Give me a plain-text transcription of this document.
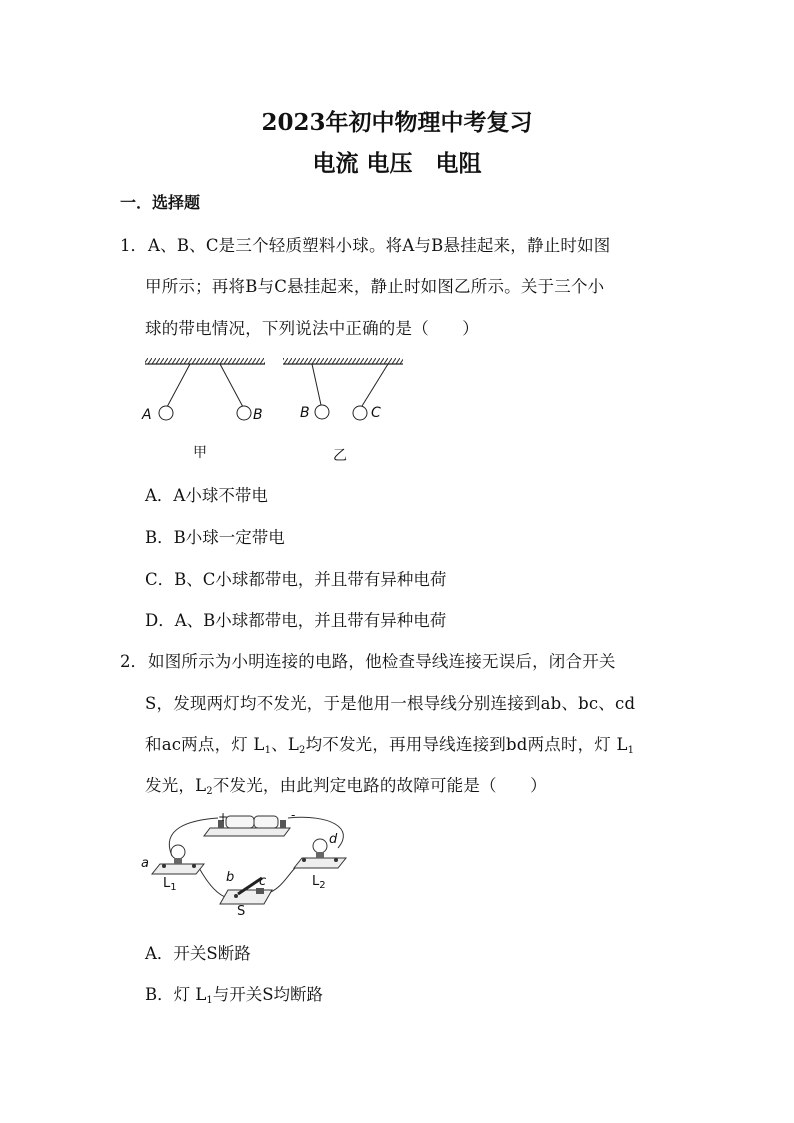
2023年初中物理中考复习
电流 电压　电阻
一．选择题
1． A、B、C是三个轻质塑料小球。将A与B悬挂起来，静止时如图
甲所示；再将B与C悬挂起来，静止时如图乙所示。关于三个小
球的带电情况，下列说法中正确的是（　　）
A	B	B	C
甲	乙
A．A小球不带电
B．B小球一定带电
C．B、C小球都带电，并且带有异种电荷
D．A、B小球都带电，并且带有异种电荷
2． 如图所示为小明连接的电路，他检查导线连接无误后，闭合开关
S，发现两灯均不发光，于是他用一根导线分别连接到ab、bc、cd
和ac两点，灯 $L_1$、$L_2$均不发光，再用导线连接到bd两点时，灯 $L_1$
发光，$L_2$不发光，由此判定电路的故障可能是（　　）
+	-
a
b c
d
$L_1$	$L_2$
S
A．开关S断路
B．灯 $L_1$与开关S均断路
